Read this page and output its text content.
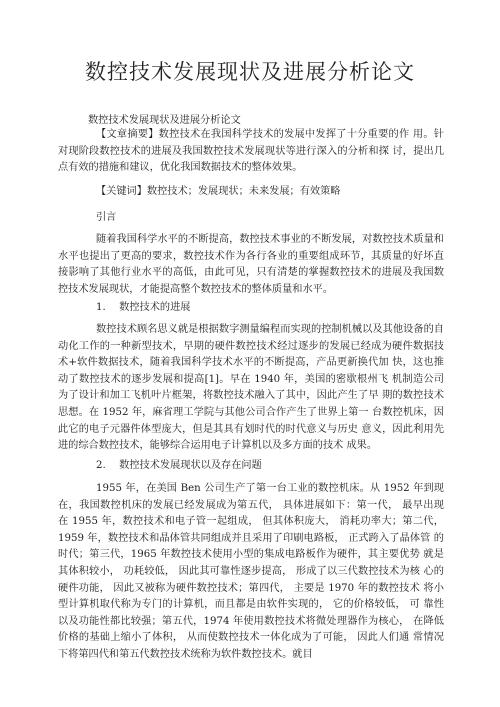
数控技术发展现状及进展分析论文
数控技术发展现状及进展分析论文
【文章摘要】数控技术在我国科学技术的发展中发挥了十分重要的作 用。针对现阶段数控技术的进展及我国数控技术发展现状等进行深入的分析和探 讨，提出几点有效的措施和建议，优化我国数据技术的整体效果。
【关键词】数控技术；发展现状；未来发展；有效策略
引言
随着我国科学水平的不断提高，数控技术事业的不断发展，对数控技术质量和水平也提出了更高的要求，数控技术作为各行各业的重要组成环节，其质量的好坏直接影响了其他行业水平的高低，由此可见，只有清楚的掌握数控技术的进展及我国数控技术发展现状，才能提高整个数控技术的整体质量和水平。
1.　 数控技术的进展
数控技术顾名思义就是根据数字测量编程而实现的控制机械以及其他设备的自动化工作的一种新型技术，早期的硬件数控技术经过逐步的发展已经成为硬件数据技术+软件数据技术，随着我国科学技术水平的不断提高，产品更新换代加 快，这也推动了数控技术的逐步发展和提高[1]。早在 1940 年，美国的密歇根州飞 机制造公司为了设计和加工飞机叶片框架，将数控技术融入了其中，因此产生了早 期的数控技术思想。在 1952 年，麻省理工学院与其他公司合作产生了世界上第一 台数控机床，因此它的电子元器件体型庞大，但是其具有划时代的时代意义与历史 意义，因此利用先进的综合数控技术，能够综合运用电子计算机以及多方面的技术 成果。
2.　 数控技术发展现状以及存在问题
1955 年，在美国 Ben 公司生产了第一台工业的数控机床。从 1952 年到现在，我国数控机床的发展已经发展成为第五代， 具体进展如下：第一代， 最早出现 在 1955 年，数控技术和电子管一起组成， 但其体积庞大， 消耗功率大；第二代， 1959 年，数控技术和晶体管共同组成并且采用了印刷电路板， 正式跨入了晶体管 的时代；第三代，1965 年数控技术使用小型的集成电路板作为硬件，其主要优势 就是其体积较小， 功耗较低， 因此其可靠性逐步提高， 形成了以三代数控技术为核 心的硬件功能， 因此又被称为硬件数控技术；第四代， 主要是 1970 年的数控技术 将小型计算机取代称为专门的计算机，而且都是由软件实现的， 它的价格较低， 可 靠性以及功能性都比较强；第五代，1974 年使用数控技术将微处理器作为核心， 在降低价格的基础上缩小了体积， 从而使数控技术一体化成为了可能， 因此人们通 常情况下将第四代和第五代数控技术统称为软件数控技术。就目
